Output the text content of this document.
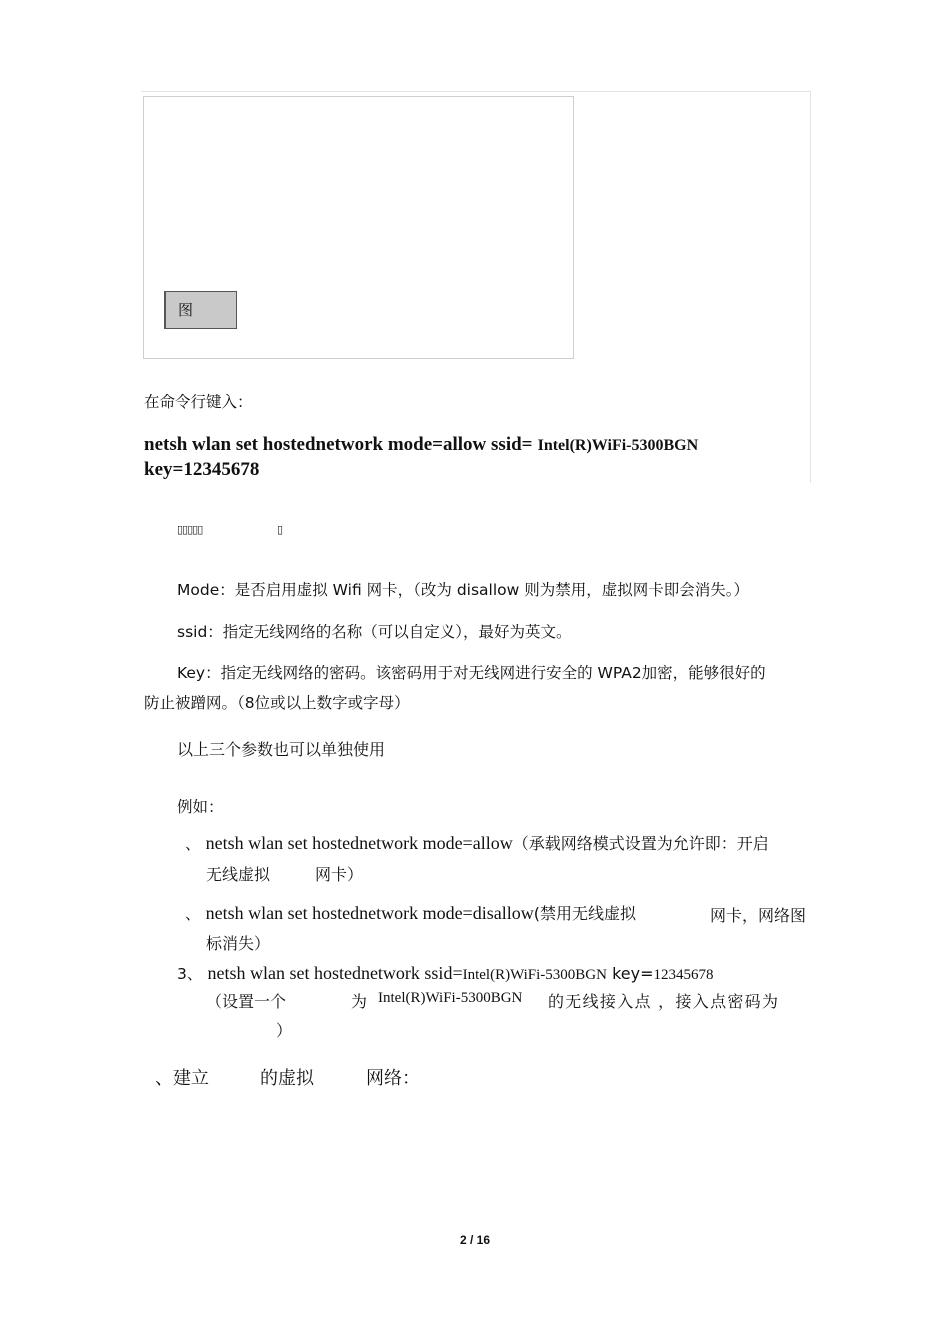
图
在命令行键入：
netsh wlan set hostednetwork mode=allow ssid= Intel(R)WiFi-5300BGN
key=12345678
▯▯▯▯▯	▯
Mode：是否启用虚拟 Wifi 网卡，（改为 disallow 则为禁用，虚拟网卡即会消失。）
ssid：指定无线网络的名称（可以自定义），最好为英文。
Key：指定无线网络的密码。该密码用于对无线网进行安全的 WPA2加密，能够很好的
防止被蹭网。（8位或以上数字或字母）
以上三个参数也可以单独使用
例如：
、 netsh wlan set hostednetwork mode=allow（承载网络模式设置为允许即：开启
无线虚拟	网卡）
、 netsh wlan set hostednetwork mode=disallow(禁用无线虚拟	网卡，网络图
标消失）
3、 netsh wlan set hostednetwork ssid=Intel(R)WiFi-5300BGN key=12345678
（设置一个	为 Intel(R)WiFi-5300BGN 的无线接入点 ，接入点密码为
）
、建立	的虚拟	网络：
2 / 16
